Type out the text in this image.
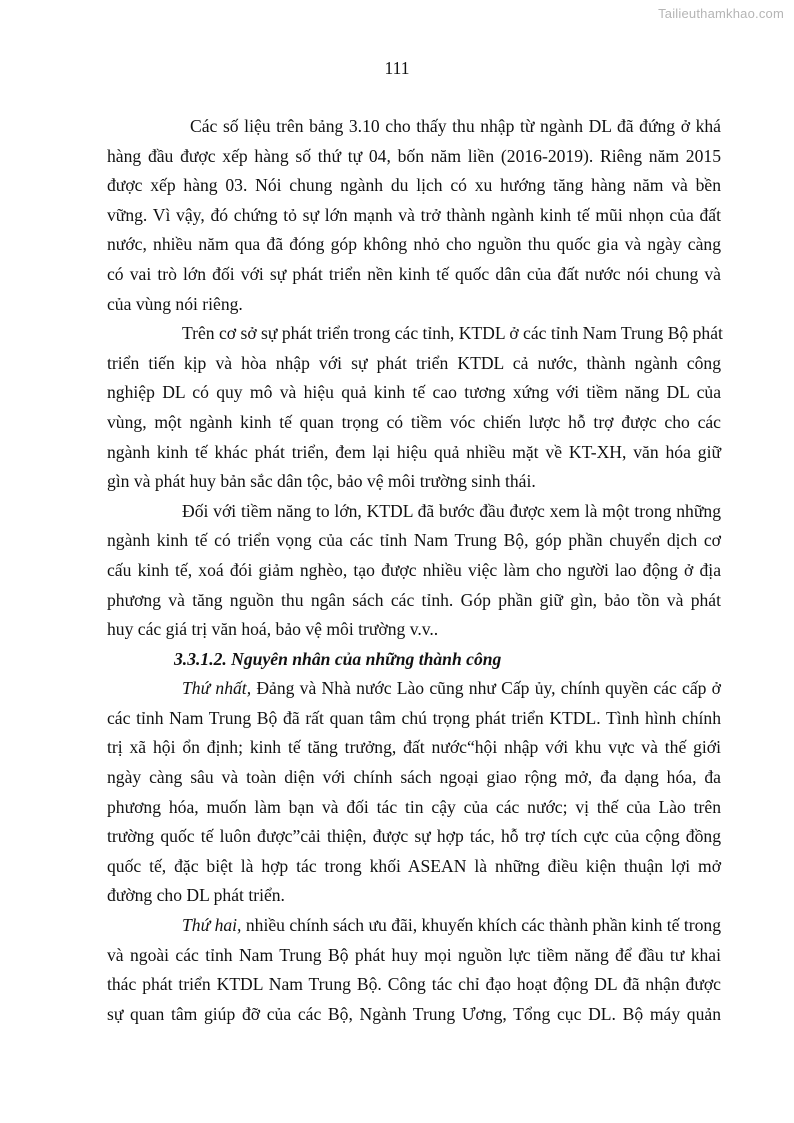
Tailieuthamkhao.com
111
Các số liệu trên bảng 3.10 cho thấy thu nhập từ ngành DL đã đứng ở khá
hàng đầu được xếp hàng số thứ tự 04, bốn năm liền (2016-2019). Riêng năm 2015
được xếp hàng 03. Nói chung ngành du lịch có xu hướng tăng hàng năm và bền
vững. Vì vậy, đó chứng tỏ sự lớn mạnh và trở thành ngành kinh tế mũi nhọn của đất
nước, nhiều năm qua đã đóng góp không nhỏ cho nguồn thu quốc gia và ngày càng
có vai trò lớn đối với sự phát triển nền kinh tế quốc dân của đất nước nói chung và
của vùng nói riêng.
Trên cơ sở sự phát triển trong các tỉnh, KTDL ở các tỉnh Nam Trung Bộ phát
triển tiến kịp và hòa nhập với sự phát triển KTDL cả nước, thành ngành công
nghiệp DL có quy mô và hiệu quả kinh tế cao tương xứng với tiềm năng DL của
vùng, một ngành kinh tế quan trọng có tiềm vóc chiến lược hỗ trợ được cho các
ngành kinh tế khác phát triển, đem lại hiệu quả nhiều mặt về KT-XH, văn hóa giữ
gìn và phát huy bản sắc dân tộc, bảo vệ môi trường sinh thái.
Đối với tiềm năng to lớn, KTDL đã bước đầu được xem là một trong những
ngành kinh tế có triển vọng của các tỉnh Nam Trung Bộ, góp phần chuyển dịch cơ
cấu kinh tế, xoá đói giảm nghèo, tạo được nhiều việc làm cho người lao động ở địa
phương và tăng nguồn thu ngân sách các tỉnh. Góp phần giữ gìn, bảo tồn và phát
huy các giá trị văn hoá, bảo vệ môi trường v.v..
3.3.1.2. Nguyên nhân của những thành công
Thứ nhất, Đảng và Nhà nước Lào cũng như Cấp ủy, chính quyền các cấp ở
các tỉnh Nam Trung Bộ đã rất quan tâm chú trọng phát triển KTDL. Tình hình chính
trị xã hội ổn định; kinh tế tăng trưởng, đất nước“hội nhập với khu vực và thế giới
ngày càng sâu và toàn diện với chính sách ngoại giao rộng mở, đa dạng hóa, đa
phương hóa, muốn làm bạn và đối tác tin cậy của các nước; vị thế của Lào trên
trường quốc tế luôn được”cải thiện, được sự hợp tác, hỗ trợ tích cực của cộng đồng
quốc tế, đặc biệt là hợp tác trong khối ASEAN là những điều kiện thuận lợi mở
đường cho DL phát triển.
Thứ hai, nhiều chính sách ưu đãi, khuyến khích các thành phần kinh tế trong
và ngoài các tỉnh Nam Trung Bộ phát huy mọi nguồn lực tiềm năng để đầu tư khai
thác phát triển KTDL Nam Trung Bộ. Công tác chỉ đạo hoạt động DL đã nhận được
sự quan tâm giúp đỡ của các Bộ, Ngành Trung Ương, Tổng cục DL. Bộ máy quản
